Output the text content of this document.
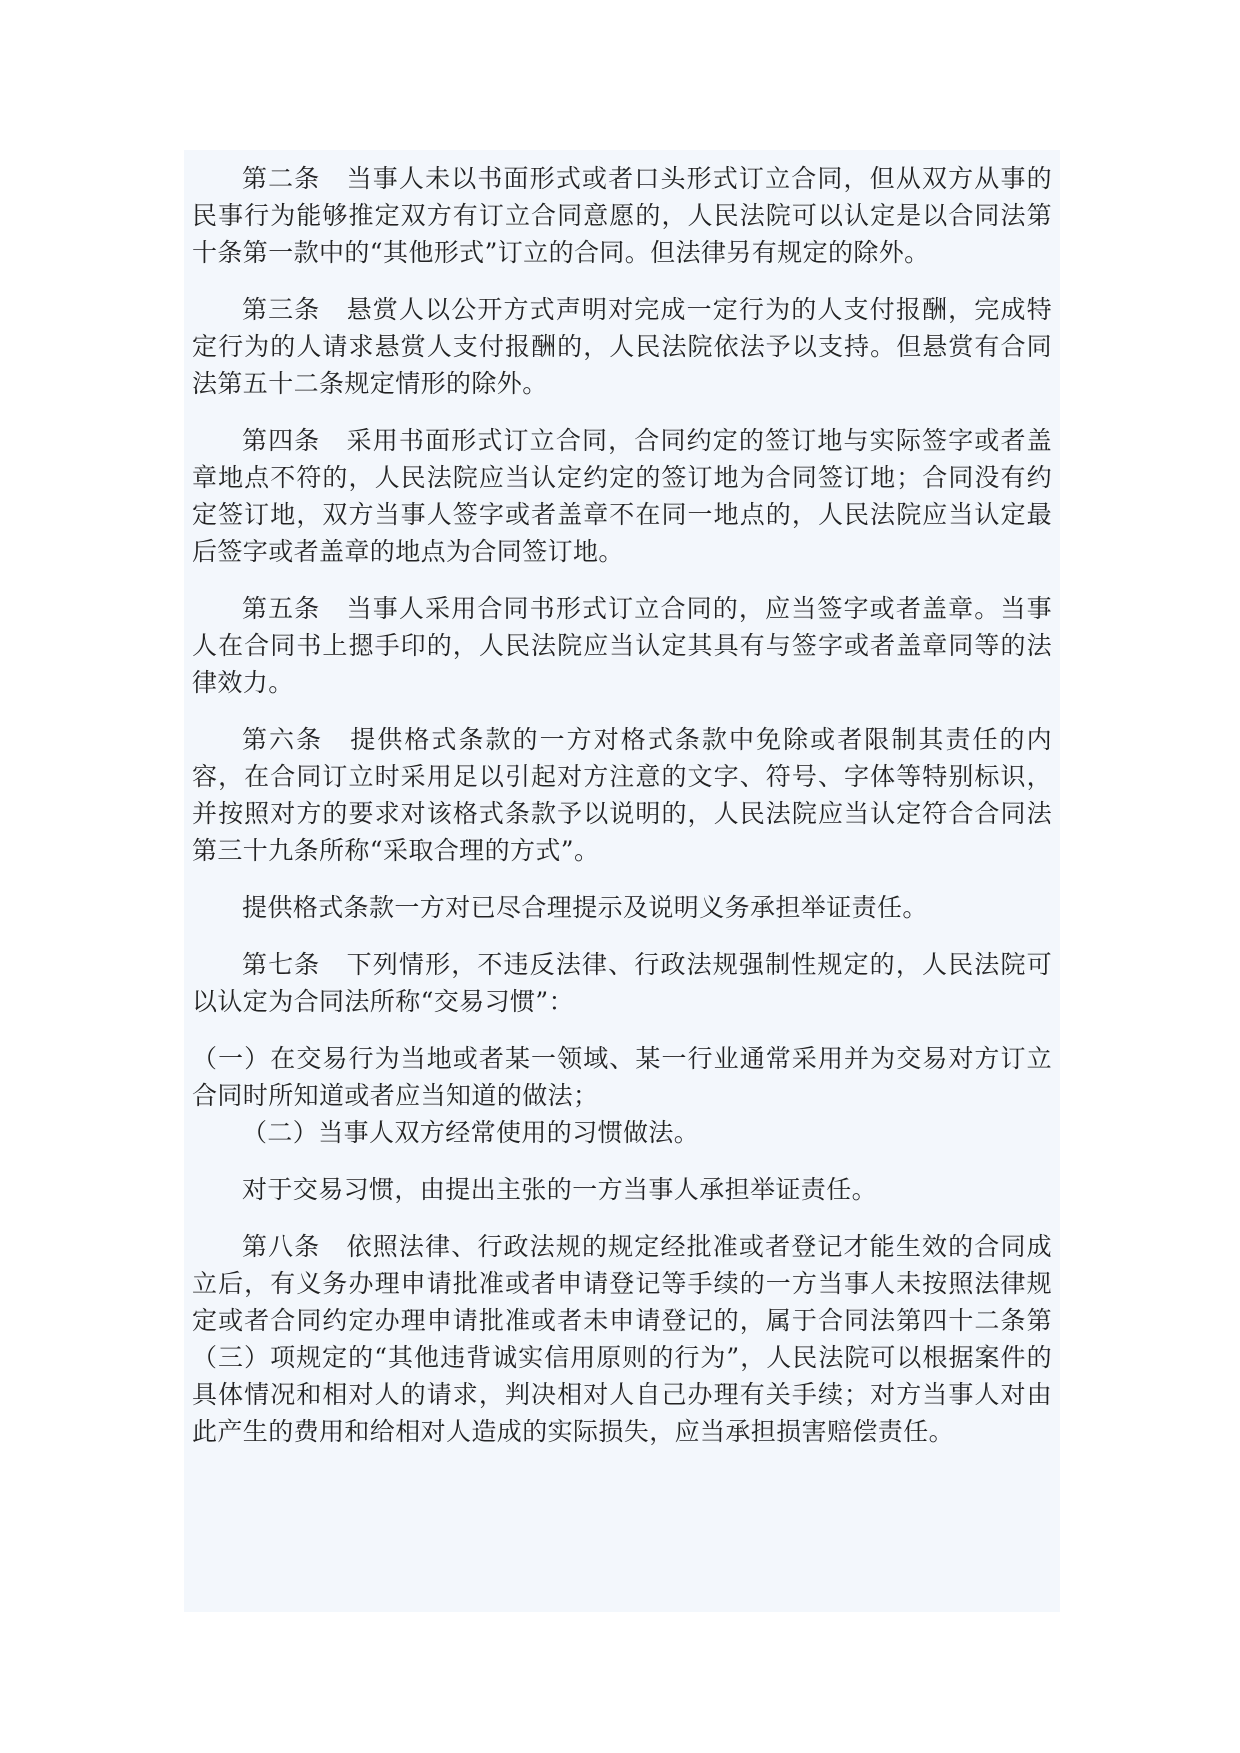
第二条　当事人未以书面形式或者口头形式订立合同，但从双方从事的民事行为能够推定双方有订立合同意愿的，人民法院可以认定是以合同法第十条第一款中的“其他形式”订立的合同。但法律另有规定的除外。

第三条　悬赏人以公开方式声明对完成一定行为的人支付报酬，完成特定行为的人请求悬赏人支付报酬的，人民法院依法予以支持。但悬赏有合同法第五十二条规定情形的除外。

第四条　采用书面形式订立合同，合同约定的签订地与实际签字或者盖章地点不符的，人民法院应当认定约定的签订地为合同签订地；合同没有约定签订地，双方当事人签字或者盖章不在同一地点的，人民法院应当认定最后签字或者盖章的地点为合同签订地。

第五条　当事人采用合同书形式订立合同的，应当签字或者盖章。当事人在合同书上摁手印的，人民法院应当认定其具有与签字或者盖章同等的法律效力。

第六条　提供格式条款的一方对格式条款中免除或者限制其责任的内容，在合同订立时采用足以引起对方注意的文字、符号、字体等特别标识，并按照对方的要求对该格式条款予以说明的，人民法院应当认定符合合同法第三十九条所称“采取合理的方式”。

提供格式条款一方对已尽合理提示及说明义务承担举证责任。

第七条　下列情形，不违反法律、行政法规强制性规定的，人民法院可以认定为合同法所称“交易习惯”：

（一）在交易行为当地或者某一领域、某一行业通常采用并为交易对方订立合同时所知道或者应当知道的做法；

（二）当事人双方经常使用的习惯做法。

对于交易习惯，由提出主张的一方当事人承担举证责任。

第八条　依照法律、行政法规的规定经批准或者登记才能生效的合同成立后，有义务办理申请批准或者申请登记等手续的一方当事人未按照法律规定或者合同约定办理申请批准或者未申请登记的，属于合同法第四十二条第（三）项规定的“其他违背诚实信用原则的行为”，人民法院可以根据案件的具体情况和相对人的请求，判决相对人自己办理有关手续；对方当事人对由此产生的费用和给相对人造成的实际损失，应当承担损害赔偿责任。
